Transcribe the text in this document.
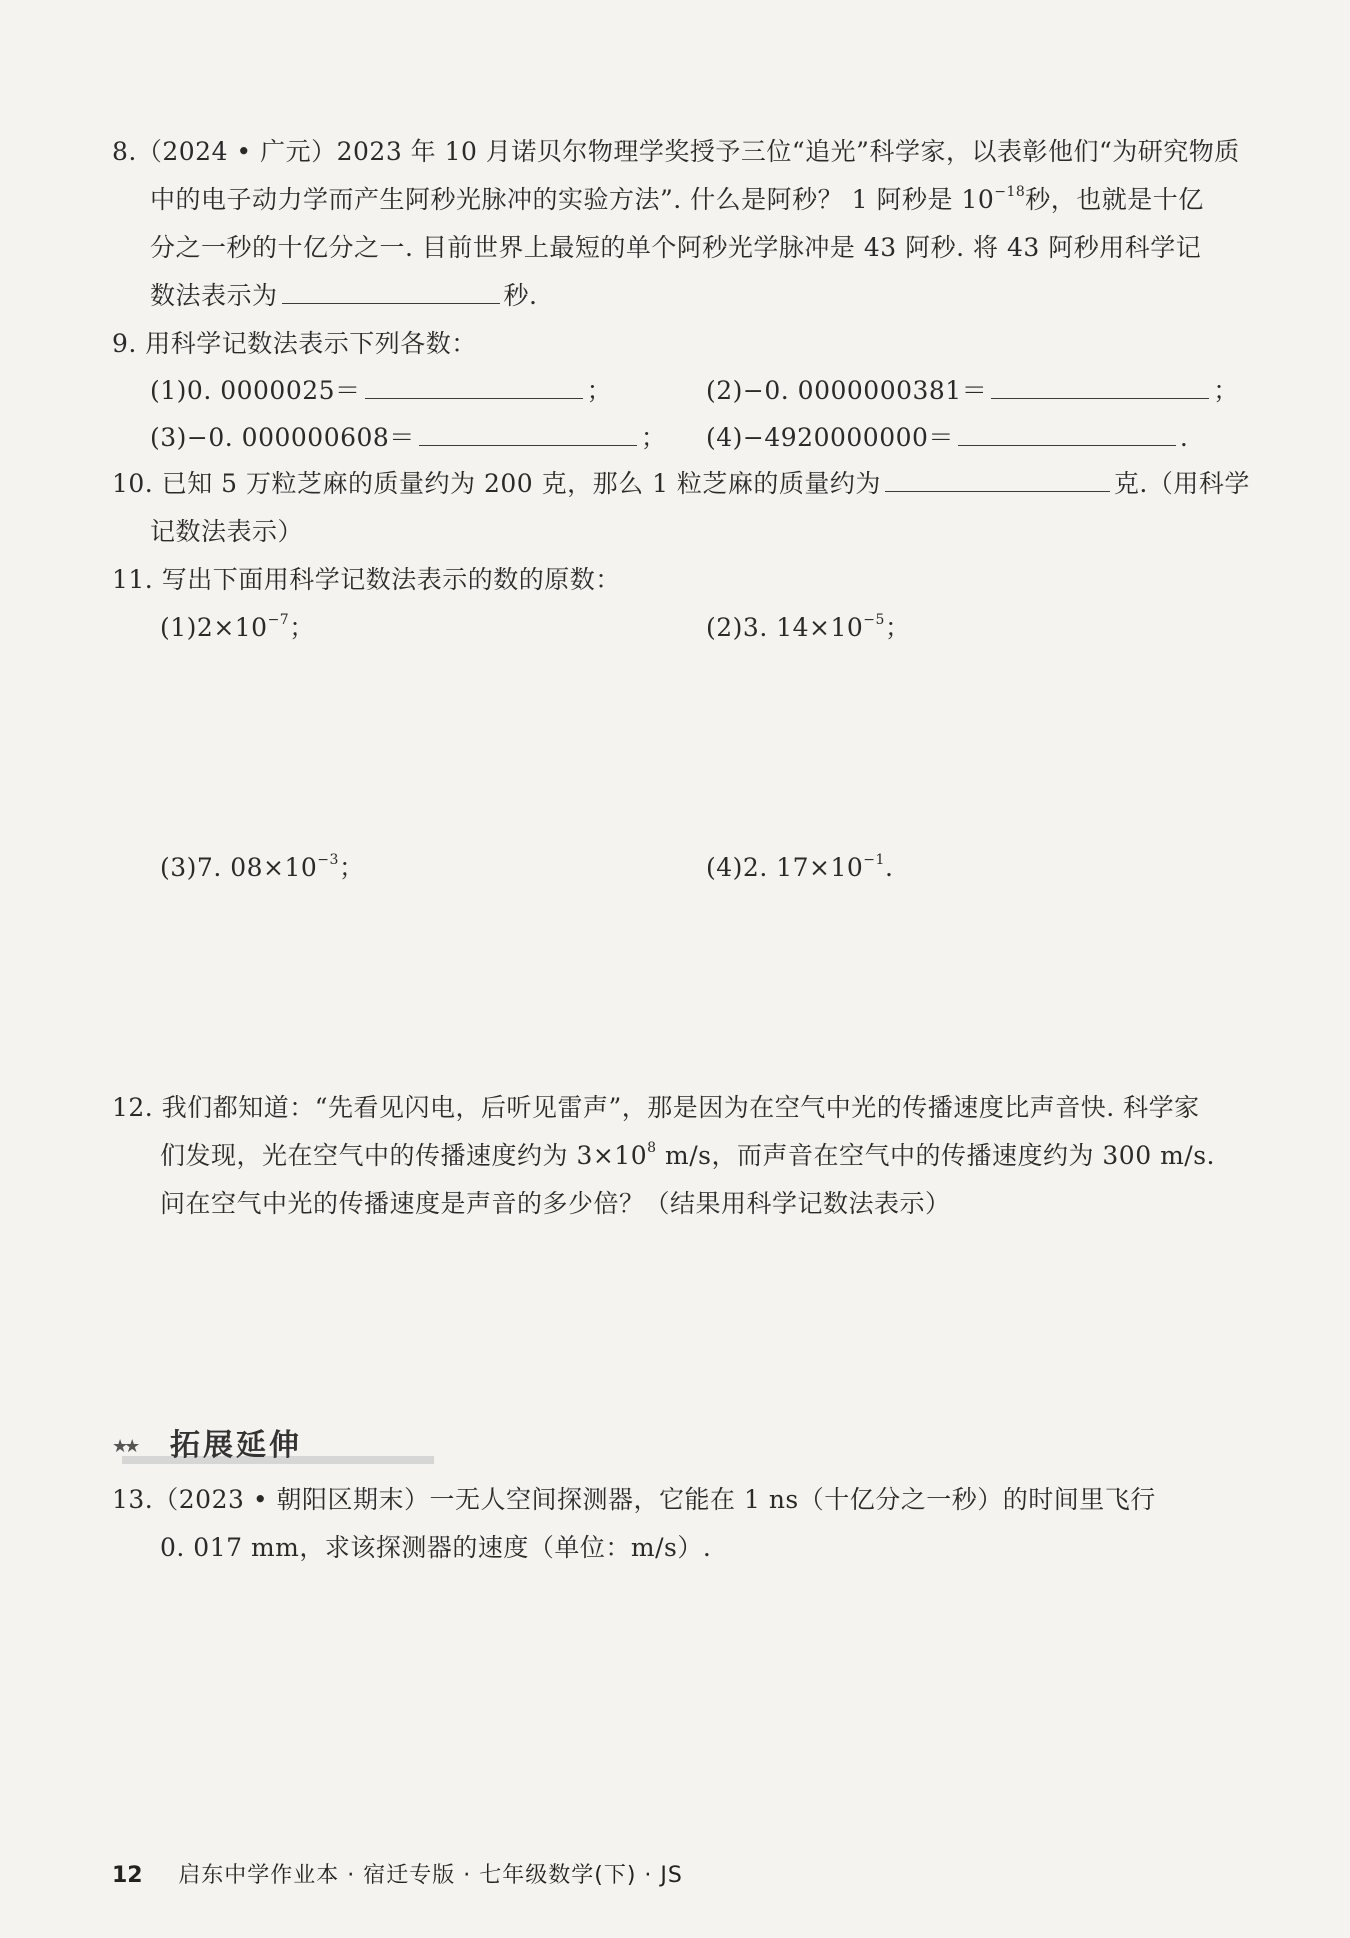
8.（2024 • 广元）2023 年 10 月诺贝尔物理学奖授予三位“追光”科学家，以表彰他们“为研究物质
中的电子动力学而产生阿秒光脉冲的实验方法”. 什么是阿秒？ 1 阿秒是 $10^{-18}$秒，也就是十亿
分之一秒的十亿分之一. 目前世界上最短的单个阿秒光学脉冲是 43 阿秒. 将 43 阿秒用科学记
数法表示为	秒.
9. 用科学记数法表示下列各数：
(1)0. 0000025＝	；	(2)−0. 0000000381＝	；
(3)−0. 000000608＝	； (4)−4920000000＝	.
10. 已知 5 万粒芝麻的质量约为 200 克，那么 1 粒芝麻的质量约为	克.（用科学
记数法表示）
11. 写出下面用科学记数法表示的数的原数：
$(1)2\times 10^{-7}$；	(2)3. $14\times 10^{-5}$；
(3)7. $08\times 10^{-3}$；	(4)2. $17\times 10^{-1}$.
12. 我们都知道：“先看见闪电，后听见雷声”，那是因为在空气中光的传播速度比声音快. 科学家
们发现，光在空气中的传播速度约为 $3\times 10^8$ m/s，而声音在空气中的传播速度约为 300 m/s.
问在空气中光的传播速度是声音的多少倍？（结果用科学记数法表示）
★★ 拓展延伸
13.（2023 • 朝阳区期末）一无人空间探测器，它能在 1 ns（十亿分之一秒）的时间里飞行
0. 017 mm，求该探测器的速度（单位：m/s）.
12 启东中学作业本 · 宿迁专版 · 七年级数学(下) · JS
